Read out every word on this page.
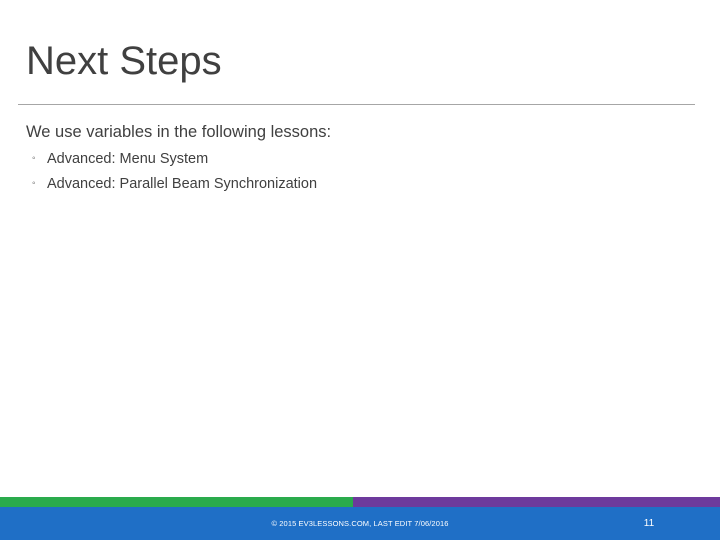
Next Steps
We use variables in the following lessons:
◦ Advanced: Menu System
◦ Advanced: Parallel Beam Synchronization
© 2015 EV3LESSONS.COM, LAST EDIT 7/06/2016	11
